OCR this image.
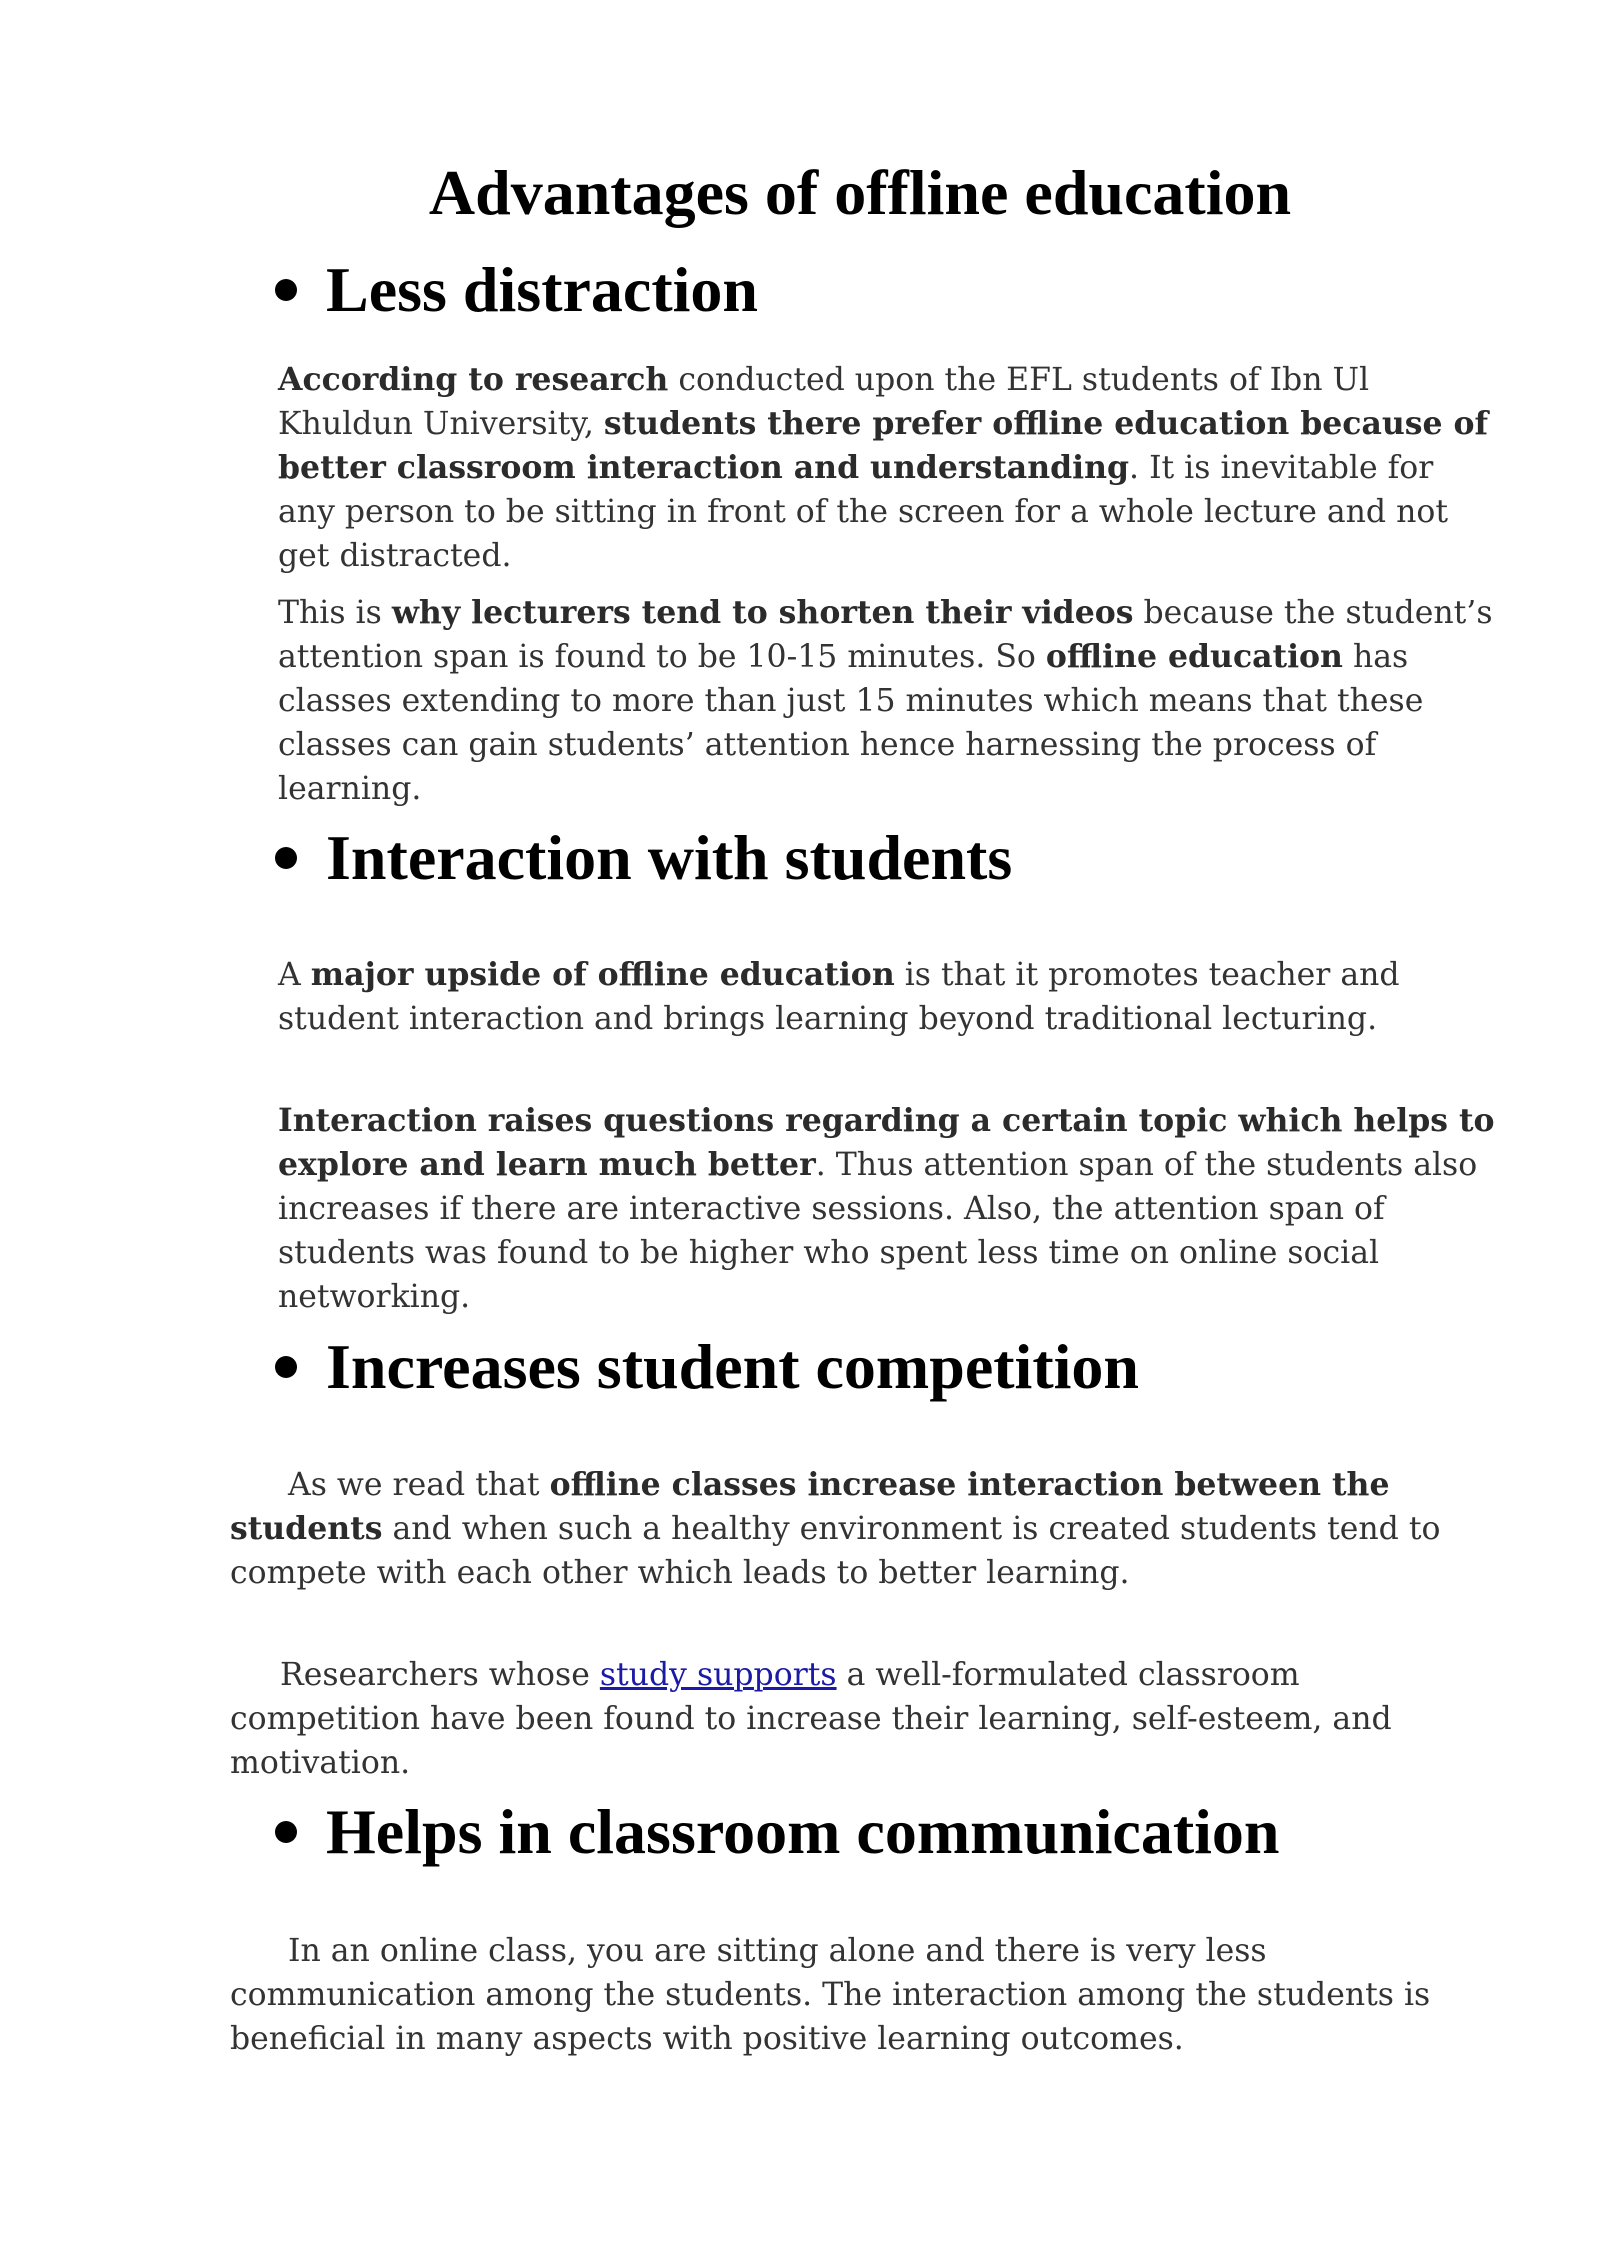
Advantages of offline education
Less distraction

According to research conducted upon the EFL students of Ibn Ul Khuldun University, students there prefer offline education because of better classroom interaction and understanding. It is inevitable for any person to be sitting in front of the screen for a whole lecture and not get distracted.

This is why lecturers tend to shorten their videos because the student’s attention span is found to be 10-15 minutes. So offline education has classes extending to more than just 15 minutes which means that these classes can gain students’ attention hence harnessing the process of learning.

Interaction with students

A major upside of offline education is that it promotes teacher and student interaction and brings learning beyond traditional lecturing.

Interaction raises questions regarding a certain topic which helps to explore and learn much better. Thus attention span of the students also increases if there are interactive sessions. Also, the attention span of students was found to be higher who spent less time on online social networking.

Increases student competition

As we read that offline classes increase interaction between the students and when such a healthy environment is created students tend to compete with each other which leads to better learning.

Researchers whose study supports a well-formulated classroom competition have been found to increase their learning, self-esteem, and motivation.

Helps in classroom communication

In an online class, you are sitting alone and there is very less communication among the students. The interaction among the students is beneficial in many aspects with positive learning outcomes.
